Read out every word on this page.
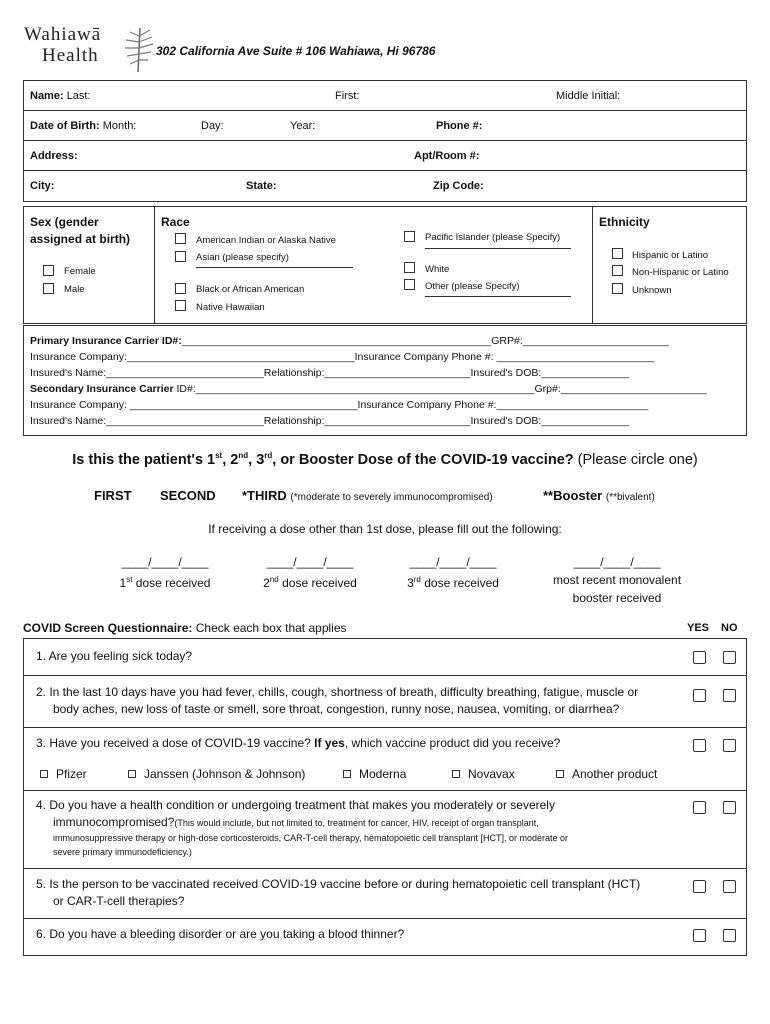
Wahiawā
Health	302 California Ave Suite # 106 Wahiawa, Hi 96786
Name: Last:	First:	Middle Initial:
Date of Birth: Month:	Day:	Year:	Phone #:
Address:	Apt/Room #:
City:	State:	Zip Code:
Sex (gender assigned at birth)
Female
Male
Race
American Indian or Alaska Native
Asian (please specify)
Black or African American
Native Hawaiian
Pacific Islander (please Specify)
White
Other (please Specify)
Ethnicity
Hispanic or Latino
Non-Hispanic or Latino
Unknown
Primary Insurance Carrier ID#:_____________________________________________________GRP#:_________________________
Insurance Company:_______________________________________Insurance Company Phone #: ___________________________
Insured's Name:___________________________Relationship:_________________________Insured's DOB:_______________
Secondary Insurance Carrier ID#:__________________________________________________________Grp#:_________________________
Insurance Company: _______________________________________Insurance Company Phone #:__________________________
Insured's Name:___________________________Relationship:_________________________Insured's DOB:_______________
Is this the patient's 1st, 2nd, 3rd, or Booster Dose of the COVID-19 vaccine? (Please circle one)
FIRST SECOND *THIRD (*moderate to severely immunocompromised)	**Booster (**bivalent)
If receiving a dose other than 1st dose, please fill out the following:
____/____/____
1st dose received
____/____/____
2nd dose received
____/____/____
3rd dose received
____/____/____
most recent monovalent
booster received
COVID Screen Questionnaire: Check each box that applies	YES NO
1. Are you feeling sick today?
2. In the last 10 days have you had fever, chills, cough, shortness of breath, difficulty breathing, fatigue, muscle or
body aches, new loss of taste or smell, sore throat, congestion, runny nose, nausea, vomiting, or diarrhea?
3. Have you received a dose of COVID-19 vaccine? If yes, which vaccine product did you receive?
Pfizer	Janssen (Johnson & Johnson)	Moderna	Novavax	Another product
4. Do you have a health condition or undergoing treatment that makes you moderately or severely
immunocompromised?(This would include, but not limited to, treatment for cancer, HIV, receipt of organ transplant,
immunosuppressive therapy or high-dose corticosteroids, CAR-T-cell therapy, hematopoietic cell transplant [HCT], or moderate or
severe primary immunodeficiency.)
5. Is the person to be vaccinated received COVID-19 vaccine before or during hematopoietic cell transplant (HCT)
or CAR-T-cell therapies?
6. Do you have a bleeding disorder or are you taking a blood thinner?
